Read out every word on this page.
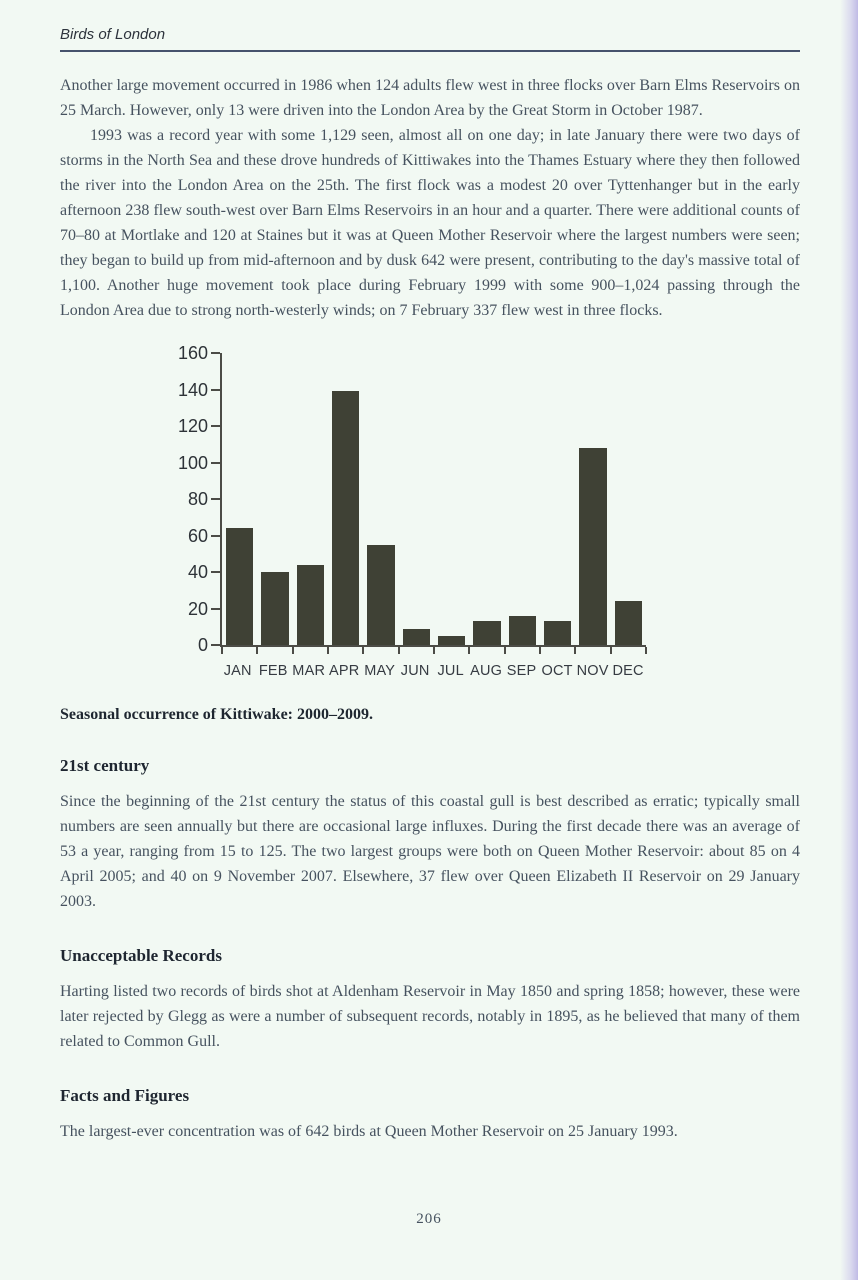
Birds of London

Another large movement occurred in 1986 when 124 adults flew west in three flocks over Barn Elms Reservoirs on 25 March. However, only 13 were driven into the London Area by the Great Storm in October 1987.

1993 was a record year with some 1,129 seen, almost all on one day; in late January there were two days of storms in the North Sea and these drove hundreds of Kittiwakes into the Thames Estuary where they then followed the river into the London Area on the 25th. The first flock was a modest 20 over Tyttenhanger but in the early afternoon 238 flew south-west over Barn Elms Reservoirs in an hour and a quarter. There were additional counts of 70–80 at Mortlake and 120 at Staines but it was at Queen Mother Reservoir where the largest numbers were seen; they began to build up from mid-afternoon and by dusk 642 were present, contributing to the day's massive total of 1,100. Another huge movement took place during February 1999 with some 900–1,024 passing through the London Area due to strong north-westerly winds; on 7 February 337 flew west in three flocks.

0
20
40
60
80
100
120
140
160
JAN FEB MAR APR MAY JUN JUL AUG SEP OCT NOV DEC
Seasonal occurrence of Kittiwake: 2000–2009.
21st century

Since the beginning of the 21st century the status of this coastal gull is best described as erratic; typically small numbers are seen annually but there are occasional large influxes. During the first decade there was an average of 53 a year, ranging from 15 to 125. The two largest groups were both on Queen Mother Reservoir: about 85 on 4 April 2005; and 40 on 9 November 2007. Elsewhere, 37 flew over Queen Elizabeth II Reservoir on 29 January 2003.

Unacceptable Records

Harting listed two records of birds shot at Aldenham Reservoir in May 1850 and spring 1858; however, these were later rejected by Glegg as were a number of subsequent records, notably in 1895, as he believed that many of them related to Common Gull.

Facts and Figures

The largest-ever concentration was of 642 birds at Queen Mother Reservoir on 25 January 1993.

206
